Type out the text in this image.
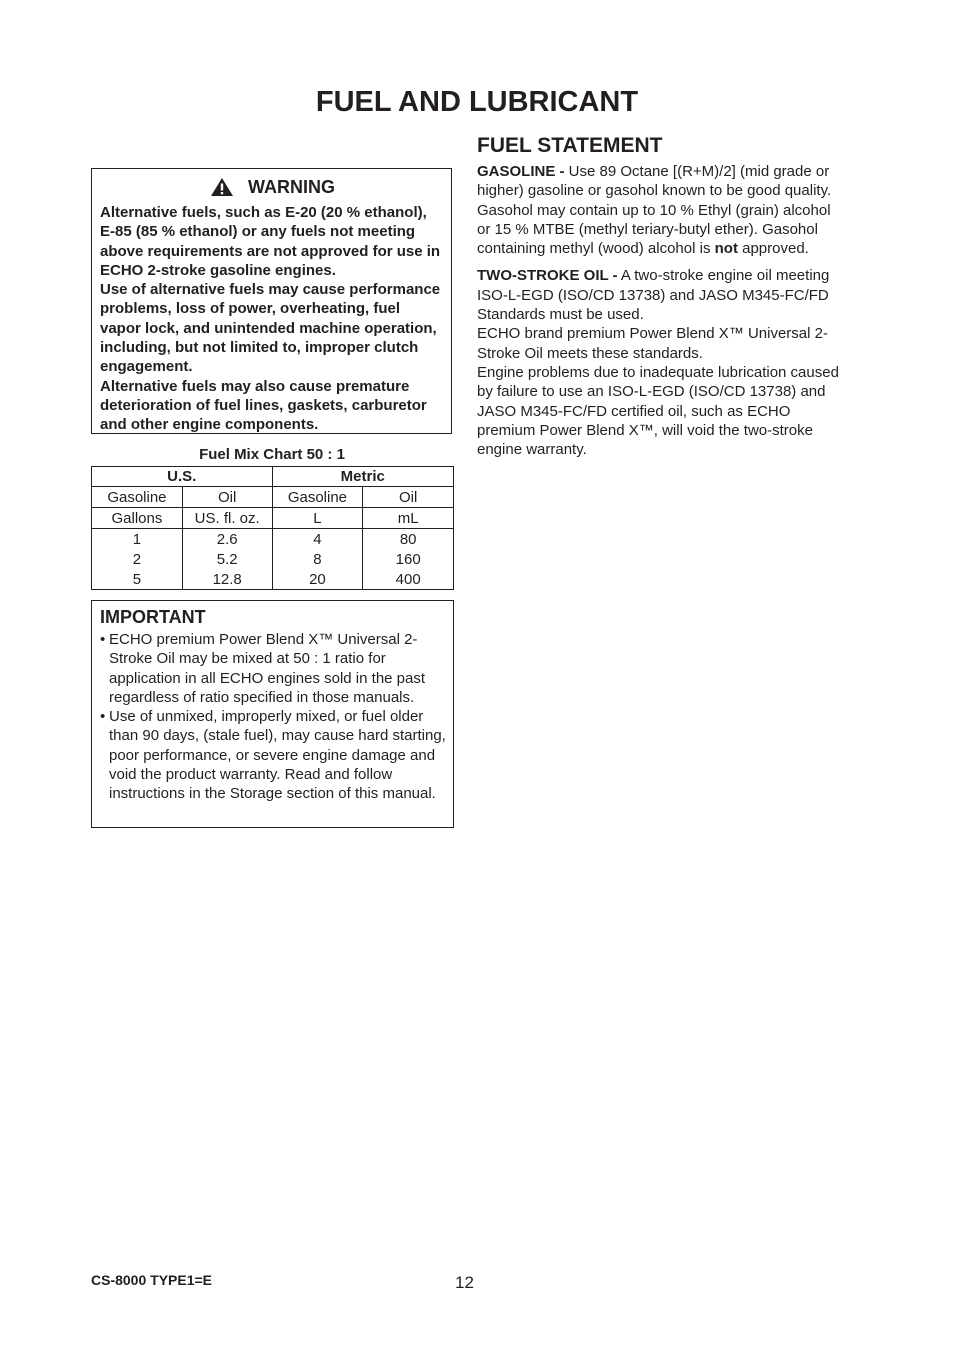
FUEL AND LUBRICANT
WARNING

Alternative fuels, such as E-20 (20 % ethanol), E-85 (85 % ethanol) or any fuels not meeting above requirements are not approved for use in ECHO 2-stroke gasoline engines.

Use of alternative fuels may cause performance problems, loss of power, overheating, fuel vapor lock, and unintended machine operation, including, but not limited to, improper clutch engagement.

Alternative fuels may also cause premature deterioration of fuel lines, gaskets, carburetor and other engine components.

Fuel Mix Chart 50 : 1
U.S.		Metric	
Gasoline	Oil	Gasoline	Oil
Gallons	US. fl. oz.	L	mL
1	2.6	4	80
2	5.2	8	160
5	12.8	20	400
IMPORTANT
• ECHO premium Power Blend X™ Universal 2-Stroke Oil may be mixed at 50 : 1 ratio for application in all ECHO engines sold in the past regardless of ratio specified in those manuals.
• Use of unmixed, improperly mixed, or fuel older than 90 days, (stale fuel), may cause hard starting, poor performance, or severe engine damage and void the product warranty. Read and follow instructions in the Storage section of this manual.
FUEL STATEMENT

GASOLINE - Use 89 Octane [(R+M)/2] (mid grade or higher) gasoline or gasohol known to be good quality.

Gasohol may contain up to 10 % Ethyl (grain) alcohol or 15 % MTBE (methyl teriary-butyl ether). Gasohol containing methyl (wood) alcohol is not approved.

TWO-STROKE OIL - A two-stroke engine oil meeting ISO-L-EGD (ISO/CD 13738) and JASO M345-FC/FD Standards must be used.

ECHO brand premium Power Blend X™ Universal 2-Stroke Oil meets these standards.

Engine problems due to inadequate lubrication caused by failure to use an ISO-L-EGD (ISO/CD 13738) and JASO M345-FC/FD certified oil, such as ECHO premium Power Blend X™, will void the two-stroke engine warranty.

CS-8000 TYPE1=E	12
